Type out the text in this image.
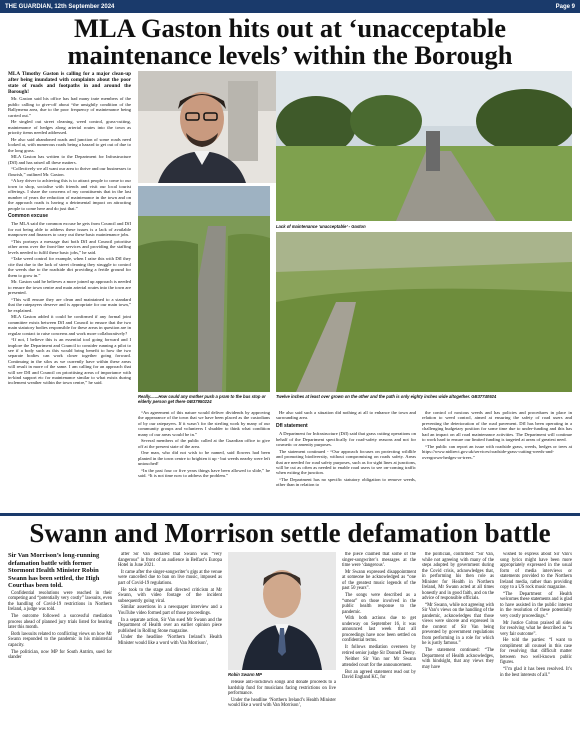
THE GUARDIAN, 12th September 2024	Page 9
MLA Gaston hits out at ‘unacceptable maintenance levels’ within the Borough

MLA Timothy Gaston is calling for a major clean-up after being inundated with complaints about the poor state of roads and footpaths in and around the Borough!

Mr. Gaston said his office has had many irate members of the public calling to give-off about “the unsightly condition of the Ballymena area, due to the poor frequency of maintenance being carried out.”

He singled out street cleaning, weed control, grass-cutting, maintenance of hedges along arterial routes into the town as priority items needed addressed.

He also said abandoned roads and junction of some roads need looked at, with numerous roads being a hazard to get out of due to the long grass.

MLA Gaston has written to the Department for Infrastructure (DfI) and has raised all these matters.

“Collectively we all want our area to thrive and our businesses to flourish,” outlined Mr. Gaston.

“A key driver to achieving this is to attract people to come to our town to shop, socialise with friends and visit our local tourist offerings. I share the concerns of my constituents that in the last number of years the reduction of maintenance in the town and on the approach roads is having a detrimental impact on attracting people to come here and do just that.”

Common excuse

The MLA said the common excuse he gets from Council and DfI for not being able to address these issues is a lack of available manpower and finances to carry out these basic maintenance jobs.

“This portrays a message that both DfI and Council prioritise other areas over the front-line services and providing the staffing levels needed to fulfil these basic jobs,” he said.

“Take weed control for example, when I raise this with DfI they cite that due to the lack of street cleaning they struggle to control the weeds due to the roadside dirt providing a fertile ground for them to grow in.”

Mr. Gaston said he believes a more joined up approach is needed to ensure the town centre and main arterial routes into the town are presented.

“This will ensure they are clean and maintained to a standard that the ratepayers deserve and is appropriate for our main town,” he explained.

MLA Gaston added it could be confirmed if any formal joint committee exists between DfI and Council to ensure that the two main statutory bodies responsible for these areas in question are in regular contact to raise concerns and work more collaboratively?

“If not, I believe this is an essential tool going forward and I implore the Department and Council to consider running a pilot to see if a body such as this would bring benefit to how the two separate bodies can work closer together going forward. Continuing in the silos as we currently have within these areas will result in more of the same. I am calling for an approach that will see DfI and Council on prioritising areas of importance with in-kind support etc for maintenance similar to what exists during inclement weather within the town centre,” he said.

Really.......How could any mother push a pram to the bus stop or elderly person get there GB37950224
Lack of maintenance ‘unacceptable’ - Gaston
Twelve inches at least over grown on the other and the path is only eighty inches wide altogether. GB37740924

“An agreement of this nature would deliver dividends by approving the appearance of the town that we have been placed as the custodians of by our ratepayers. If it wasn’t for the sterling work by many of our community groups and volunteers I shudder to think what condition many of our areas would be in.”

Several members of the public called at the Guardian office to give off at the present state of the area.

One man, who did not wish to be named, said flowers had been planted in the town centre to brighten it up - but weeds nearby were left untouched!

“In the past four or five years things have been allowed to slide,” he said. “It is not time now to address the problem.”

He also said such a situation did nothing at all to enhance the town and surrounding area.

DfI statement

A Department for Infrastructure (DfI) said that grass cutting operations on behalf of the Department specifically for road-safety reasons and not for cosmetic or amenity purposes.

The statement continued - “Our approach focuses on protecting wildlife and promoting biodiversity, without compromising on roads safety. Areas that are needed for road safety purposes, such as for sight lines at junctions, will be cut as often as needed to enable road users to see on-coming traffic when exiting the junction.

“The Department has no specific statutory obligation to remove weeds, other than in relation to

the control of noxious weeds and has policies and procedures in place in relation to weed control, aimed at ensuring the safety of road users and preventing the deterioration of the road pavement. DfI has been operating in a challenging budgetary position for some time due to under-funding and this has had an impact on all road maintenance activities. The Department will continue to work hard to ensure our limited funding is targeted at areas of greatest need.

“The public can report an issue with roadside grass, weeds, hedges or trees at https://www.nidirect.gov.uk/services/roadside-grass-cutting-weeds-and-overgrown-hedges-or-trees.”

Swann and Morrison settle defamation battle

Sir Van Morrison’s long-running defamation battle with former Stormont Health Minister Robin Swann has been settled, the High Courthas been told.

Confidential resolutions were reached in their competing and “potentially very costly” lawsuits, even the handling of Covid-19 restrictions in Northern Ireland, a judge was told.

The outcome followed a successful mediation process ahead of planned jury trials listed for hearing later this month.

Both lawsuits related to conflicting views on how Mr Swann responded to the pandemic in his ministerial capacity.

The politician, now MP for South Antrim, sued for slander

after Sir Van declared that Swann was “very dangerous” in front of an audience in Belfast’s Europa Hotel in June 2021.

It came after the singer-songwriter’s gigs at the venue were cancelled due to ban on live music, imposed as part of Covid-19 regulations.

He took to the stage and directed criticism at Mr Swann, with video footage of the incident subsequently going viral.

Similar assertions in a newspaper interview and a YouTube video formed part of those proceedings.

In a separate action, Sir Van sued Mr Swann and the Department of Health over an earlier opinion piece published in Rolling Stone magazine.

Under the headline ‘Northern Ireland’s Health Minister would like a word with Van Morrison’,

Robin Swann MP

release anti-lockdown songs and donate proceeds to a hardship fund for musicians facing restrictions on live performance.

Under the headline ‘Northern Ireland’s Health Minister would like a word with Van Morrison’,

the piece claimed that some of the singer-songwriter’s messages at the time were ‘dangerous’.

Mr Swann expressed disappointment at someone he acknowledged as “one of the greatest music legends of the past 50 years”.

The songs were described as a “smear” on those involved in the public health response to the pandemic.

With both actions due to get underway on September 16, it was announced last week that all proceedings have now been settled on confidential terms.

It follows mediation overseen by retired senior judge Sir Donnell Deeny.

Neither Sir Van nor Mr Swann attended court for the announcement.

But an agreed statement read out by David England KC, for

the politician, confirmed: “Sir Van, while not agreeing with many of the steps adopted by government during the Covid crisis, acknowledges that, in performing his then role as Minister for Health in Northern Ireland, Mr Swann acted at all times honestly and in good faith, and on the advice of responsible officials.

“Mr Swann, while not agreeing with Sir Van’s views on the handling of the pandemic, acknowledges that those views were sincere and expressed in the context of Sir Van being prevented by government regulations from performing in a role for which he is justly famous.”

The statement continued: “The Department of Health acknowledges, with hindsight, that any views they may have

wished to express about Sir Van’s song lyrics might have been more appropriately expressed in the usual form of media interviews or statements provided to the Northern Ireland media, rather than providing copy to a US rock music magazine.

“The Department of Health welcomes these statements and is glad to have assisted in the public interest in the resolution of these potentially very costly proceedings.”

Mr Justice Colton praised all sides for resolving what he described as “a very fair outcome”.

He told the parties: “I want to compliment all counsel in this case for resolving that difficult matter between two well-known public figures.

“I’m glad it has been resolved. It’s in the best interests of all.”
